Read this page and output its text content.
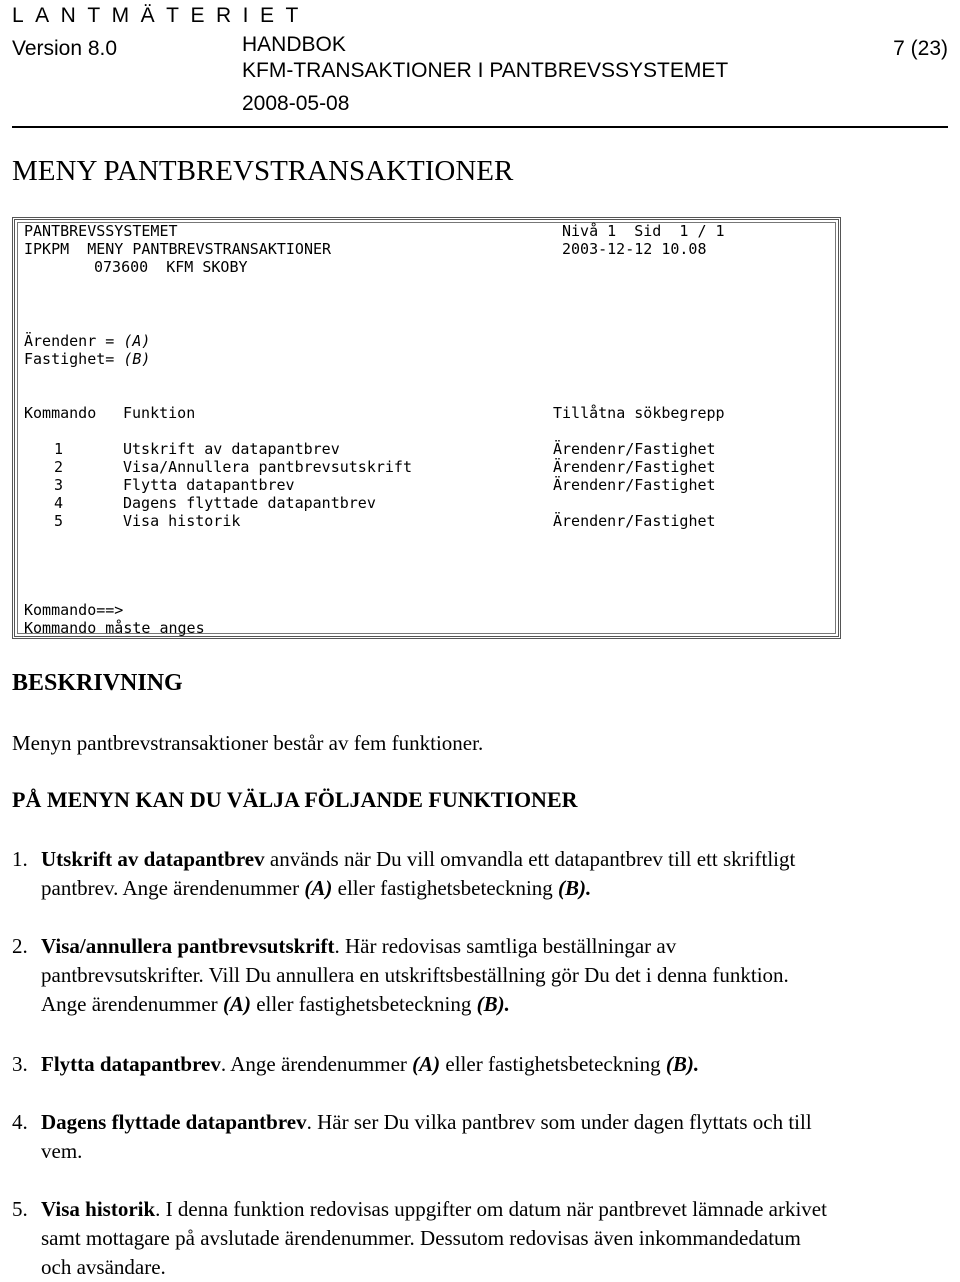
LANTMÄTERIET
Version 8.0	HANDBOK
KFM-TRANSAKTIONER I PANTBREVSSYSTEMET
2008-05-08
7 (23)
MENY PANTBREVSTRANSAKTIONER
PANTBREVSSYSTEMET	Nivå 1  Sid  1 / 1
IPKPM  MENY PANTBREVSTRANSAKTIONER	2003-12-12 10.08
073600  KFM SKOBY
Ärendenr = (A)
Fastighet= (B)
Kommando Funktion	Tillåtna sökbegrepp
1	Utskrift av datapantbrev	Ärendenr/Fastighet
2	Visa/Annullera pantbrevsutskrift	Ärendenr/Fastighet
3	Flytta datapantbrev	Ärendenr/Fastighet
4	Dagens flyttade datapantbrev
5	Visa historik	Ärendenr/Fastighet
Kommando==>
Kommando måste anges
BESKRIVNING

Menyn pantbrevstransaktioner består av fem funktioner.

PÅ MENYN KAN DU VÄLJA FÖLJANDE FUNKTIONER
1. Utskrift av datapantbrev används när Du vill omvandla ett datapantbrev till ett skriftligt pantbrev. Ange ärendenummer (A) eller fastighetsbeteckning (B).
2. Visa/annullera pantbrevsutskrift. Här redovisas samtliga beställningar av pantbrevsutskrifter. Vill Du annullera en utskriftsbeställning gör Du det i denna funktion. Ange ärendenummer (A) eller fastighetsbeteckning (B).
3. Flytta datapantbrev. Ange ärendenummer (A) eller fastighetsbeteckning (B).
4. Dagens flyttade datapantbrev. Här ser Du vilka pantbrev som under dagen flyttats och till vem.
5. Visa historik. I denna funktion redovisas uppgifter om datum när pantbrevet lämnade arkivet samt mottagare på avslutade ärendenummer. Dessutom redovisas även inkommandedatum och avsändare.
